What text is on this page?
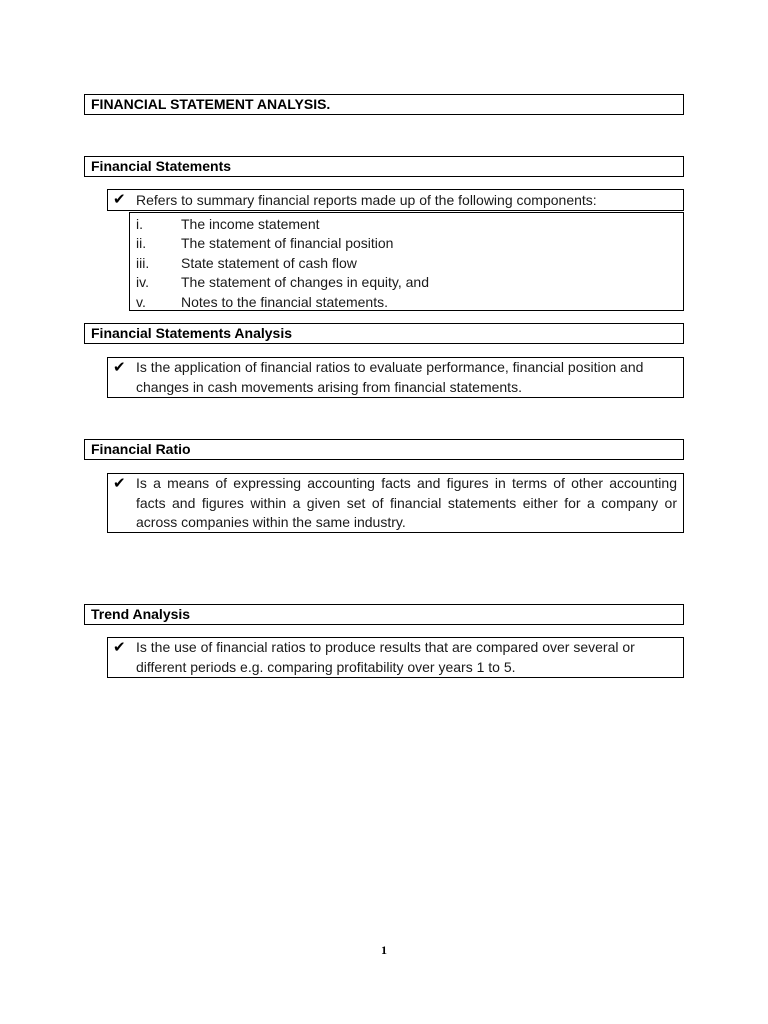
FINANCIAL STATEMENT ANALYSIS.
Financial Statements
✔ Refers to summary financial reports made up of the following components:
i.	The income statement
ii. The statement of financial position
iii. State statement of cash flow
iv. The statement of changes in equity, and
v.	Notes to the financial statements.
Financial Statements Analysis
✔ Is the application of financial ratios to evaluate performance, financial position and changes in cash movements arising from financial statements.
Financial Ratio
✔ Is a means of expressing accounting facts and figures in terms of other accounting facts and figures within a given set of financial statements either for a company or across companies within the same industry.
Trend Analysis
✔ Is the use of financial ratios to produce results that are compared over several or different periods e.g. comparing profitability over years 1 to 5.
1
